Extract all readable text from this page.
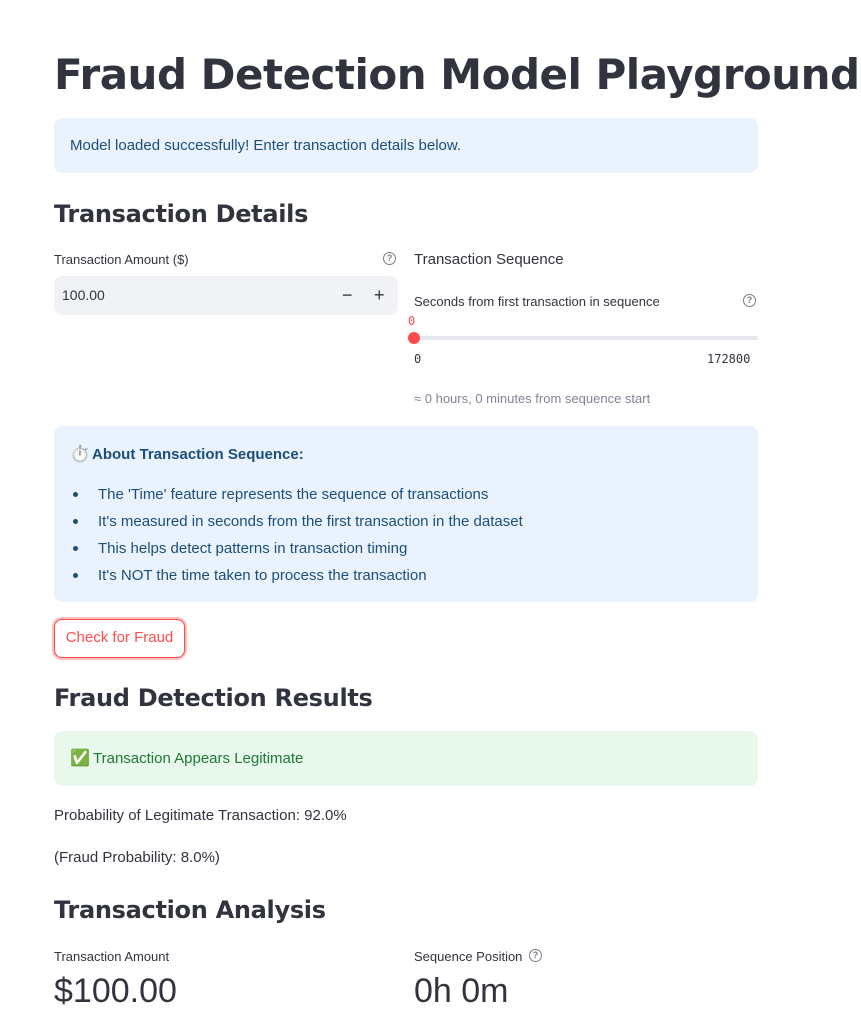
Fraud Detection Model Playground
Model loaded successfully! Enter transaction details below.
Transaction Details
Transaction Amount ($)	?
100.00	− +
Transaction Sequence
Seconds from first transaction in sequence	?
0
0	172800
≈ 0 hours, 0 minutes from sequence start
⏱️ About Transaction Sequence:
The 'Time' feature represents the sequence of transactions
It's measured in seconds from the first transaction in the dataset
This helps detect patterns in transaction timing
It's NOT the time taken to process the transaction
Check for Fraud
Fraud Detection Results
✅ Transaction Appears Legitimate
Probability of Legitimate Transaction: 92.0%
(Fraud Probability: 8.0%)
Transaction Analysis
Transaction Amount
$100.00
Sequence Position	?
0h 0m
